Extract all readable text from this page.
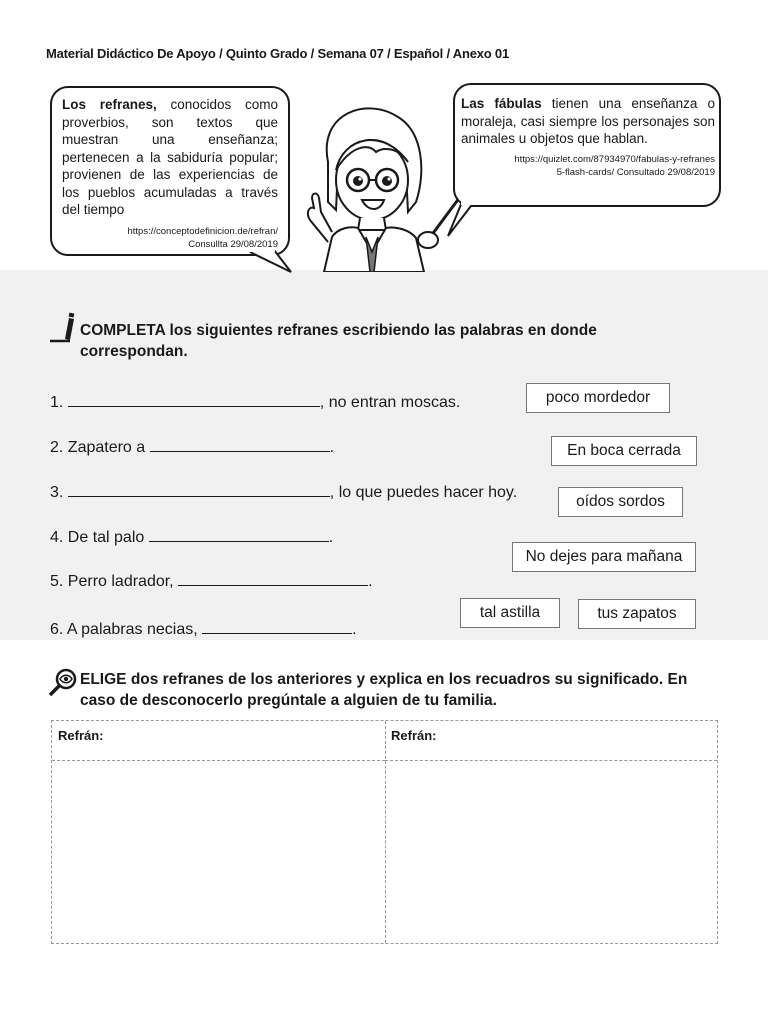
Material Didáctico De Apoyo / Quinto Grado / Semana 07 / Español / Anexo 01
Los refranes, conocidos como proverbios, son textos que muestran una enseñanza; pertenecen a la sabiduría popular; provienen de las experiencias de los pueblos acumuladas a través del tiempo
https://conceptodefinicion.de/refran/
Consullta 29/08/2019
Las fábulas tienen una enseñanza o moraleja, casi siempre los personajes son animales u objetos que hablan.
https://quizlet.com/87934970/fabulas-y-refranes
5-flash-cards/ Consultado 29/08/2019
COMPLETA los siguientes refranes escribiendo las palabras en donde correspondan.
1.	, no entran moscas.
2. Zapatero a	.
3.	, lo que puedes hacer hoy.
4. De tal palo	.
5. Perro ladrador,	.
6. A palabras necias,	.
poco mordedor
En boca cerrada
oídos sordos
No dejes para mañana
tal astilla	tus zapatos
ELIGE dos refranes de los anteriores y explica en los recuadros su significado. En caso de desconocerlo pregúntale a alguien de tu familia.
Refrán:	Refrán:
